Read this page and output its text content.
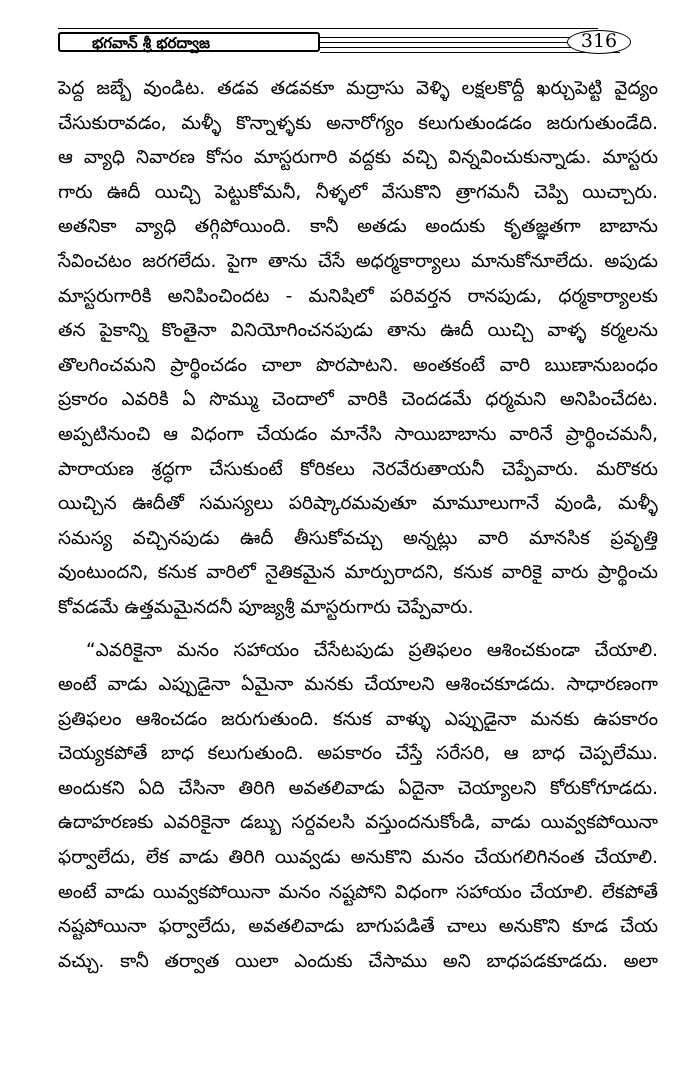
భగవాన్ శ్రీ భరద్వాజ	316

పెద్ద జబ్బే వుండిట. తడవ తడవకూ మద్రాసు వెళ్ళి లక్షలకొద్దీ ఖర్చుపెట్టి వైద్యం
చేసుకురావడం, మళ్ళీ కొన్నాళ్ళకు అనారోగ్యం కలుగుతుండడం జరుగుతుండేది.
ఆ వ్యాధి నివారణ కోసం మాస్టరుగారి వద్దకు వచ్చి విన్నవించుకున్నాడు. మాస్టరు
గారు ఊదీ యిచ్చి పెట్టుకోమనీ, నీళ్ళలో వేసుకొని త్రాగమనీ చెప్పి యిచ్చారు.
అతనికా వ్యాధి తగ్గిపోయింది. కానీ అతడు అందుకు కృతజ్ఞతగా బాబాను
సేవించటం జరగలేదు. పైగా తాను చేసే అధర్మకార్యాలు మానుకోనూలేదు. అపుడు
మాస్టరుగారికి అనిపించిందట - మనిషిలో పరివర్తన రానపుడు, ధర్మకార్యాలకు
తన పైకాన్ని కొంతైనా వినియోగించనపుడు తాను ఊదీ యిచ్చి వాళ్ళ కర్మలను
తొలగించమని ప్రార్థించడం చాలా పొరపాటని. అంతకంటే వారి ఋణానుబంధం
ప్రకారం ఎవరికి ఏ సొమ్ము చెందాలో వారికి చెందడమే ధర్మమని అనిపించేదట.
అప్పటినుంచి ఆ విధంగా చేయడం మానేసి సాయిబాబాను వారినే ప్రార్థించమనీ,
పారాయణ శ్రద్ధగా చేసుకుంటే కోరికలు నెరవేరుతాయనీ చెప్పేవారు. మరొకరు
యిచ్చిన ఊదీతో సమస్యలు పరిష్కారమవుతూ మామూలుగానే వుండి, మళ్ళీ
సమస్య వచ్చినపుడు ఊదీ తీసుకోవచ్చు అన్నట్లు వారి మానసిక ప్రవృత్తి
వుంటుందని, కనుక వారిలో నైతికమైన మార్పురాదని, కనుక వారికై వారు ప్రార్థించు
కోవడమే ఉత్తమమైనదనీ పూజ్యశ్రీ మాస్టరుగారు చెప్పేవారు.

“ఎవరికైనా మనం సహాయం చేసేటపుడు ప్రతిఫలం ఆశించకుండా చేయాలి.
అంటే వాడు ఎప్పుడైనా ఏమైనా మనకు చేయాలని ఆశించకూడదు. సాధారణంగా
ప్రతిఫలం ఆశించడం జరుగుతుంది. కనుక వాళ్ళు ఎప్పుడైనా మనకు ఉపకారం
చెయ్యకపోతే బాధ కలుగుతుంది. అపకారం చేస్తే సరేసరి, ఆ బాధ చెప్పలేము.
అందుకని ఏది చేసినా తిరిగి అవతలివాడు ఏదైనా చెయ్యాలని కోరుకోగూడదు.
ఉదాహరణకు ఎవరికైనా డబ్బు సర్దవలసి వస్తుందనుకోండి, వాడు యివ్వకపోయినా
ఫర్వాలేదు, లేక వాడు తిరిగి యివ్వడు అనుకొని మనం చేయగలిగినంత చేయాలి.
అంటే వాడు యివ్వకపోయినా మనం నష్టపోని విధంగా సహాయం చేయాలి. లేకపోతే
నష్టపోయినా ఫర్వాలేదు, అవతలివాడు బాగుపడితే చాలు అనుకొని కూడ చేయ
వచ్చు. కానీ తర్వాత యిలా ఎందుకు చేసాము అని బాధపడకూడదు. అలా
